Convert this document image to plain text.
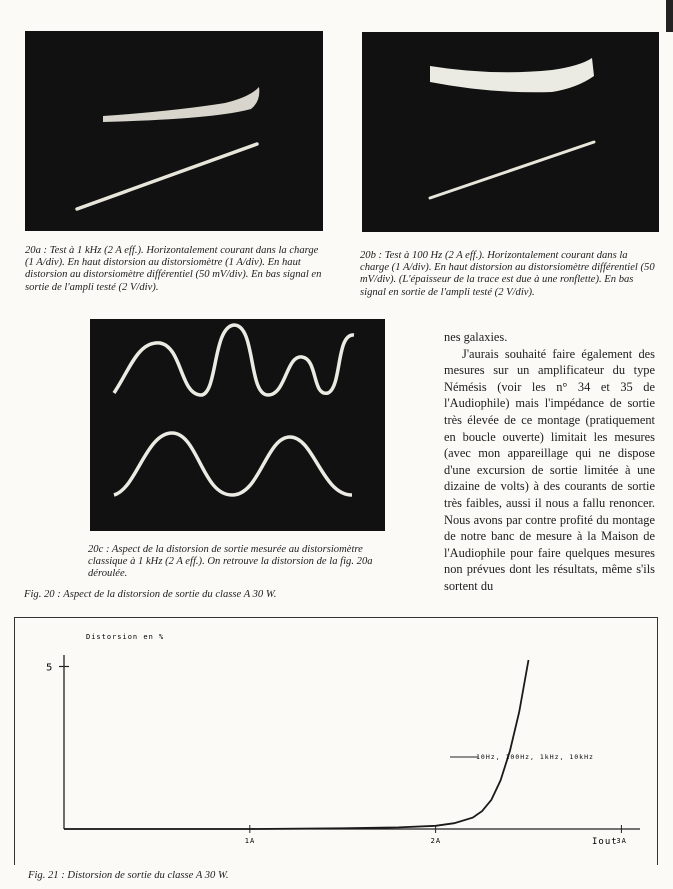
20a : Test à 1 kHz (2 A eff.). Horizontalement courant dans la charge (1 A/div). En haut distorsion au distorsiomètre (1 A/div). En haut distorsion au distorsiomètre différentiel (50 mV/div). En bas signal en sortie de l'ampli testé (2 V/div).
20b : Test à 100 Hz (2 A eff.). Horizontalement courant dans la charge (1 A/div). En haut distorsion au distorsiomètre différentiel (50 mV/div). (L'épaisseur de la trace est due à une ronflette). En bas signal en sortie de l'ampli testé (2 V/div).
20c : Aspect de la distorsion de sortie mesurée au distorsiomètre classique à 1 kHz (2 A eff.). On retrouve la distorsion de la fig. 20a déroulée.
Fig. 20 : Aspect de la distorsion de sortie du classe A 30 W.

nes galaxies.

J'aurais souhaité faire également des mesures sur un amplificateur du type Némésis (voir les n° 34 et 35 de l'Audiophile) mais l'impédance de sortie très élevée de ce montage (pratiquement en boucle ouverte) limitait les mesures (avec mon appareillage qui ne dispose d'une excursion de sortie limitée à une dizaine de volts) à des courants de sortie très faibles, aussi il nous a fallu renoncer. Nous avons par contre profité du montage de notre banc de mesure à la Maison de l'Audiophile pour faire quelques mesures non prévues dont les résultats, même s'ils sortent du

Distorsion en %
Iout
1A	2A	3A
5
10Hz, 100Hz, 1kHz, 10kHz
Fig. 21 : Distorsion de sortie du classe A 30 W.
